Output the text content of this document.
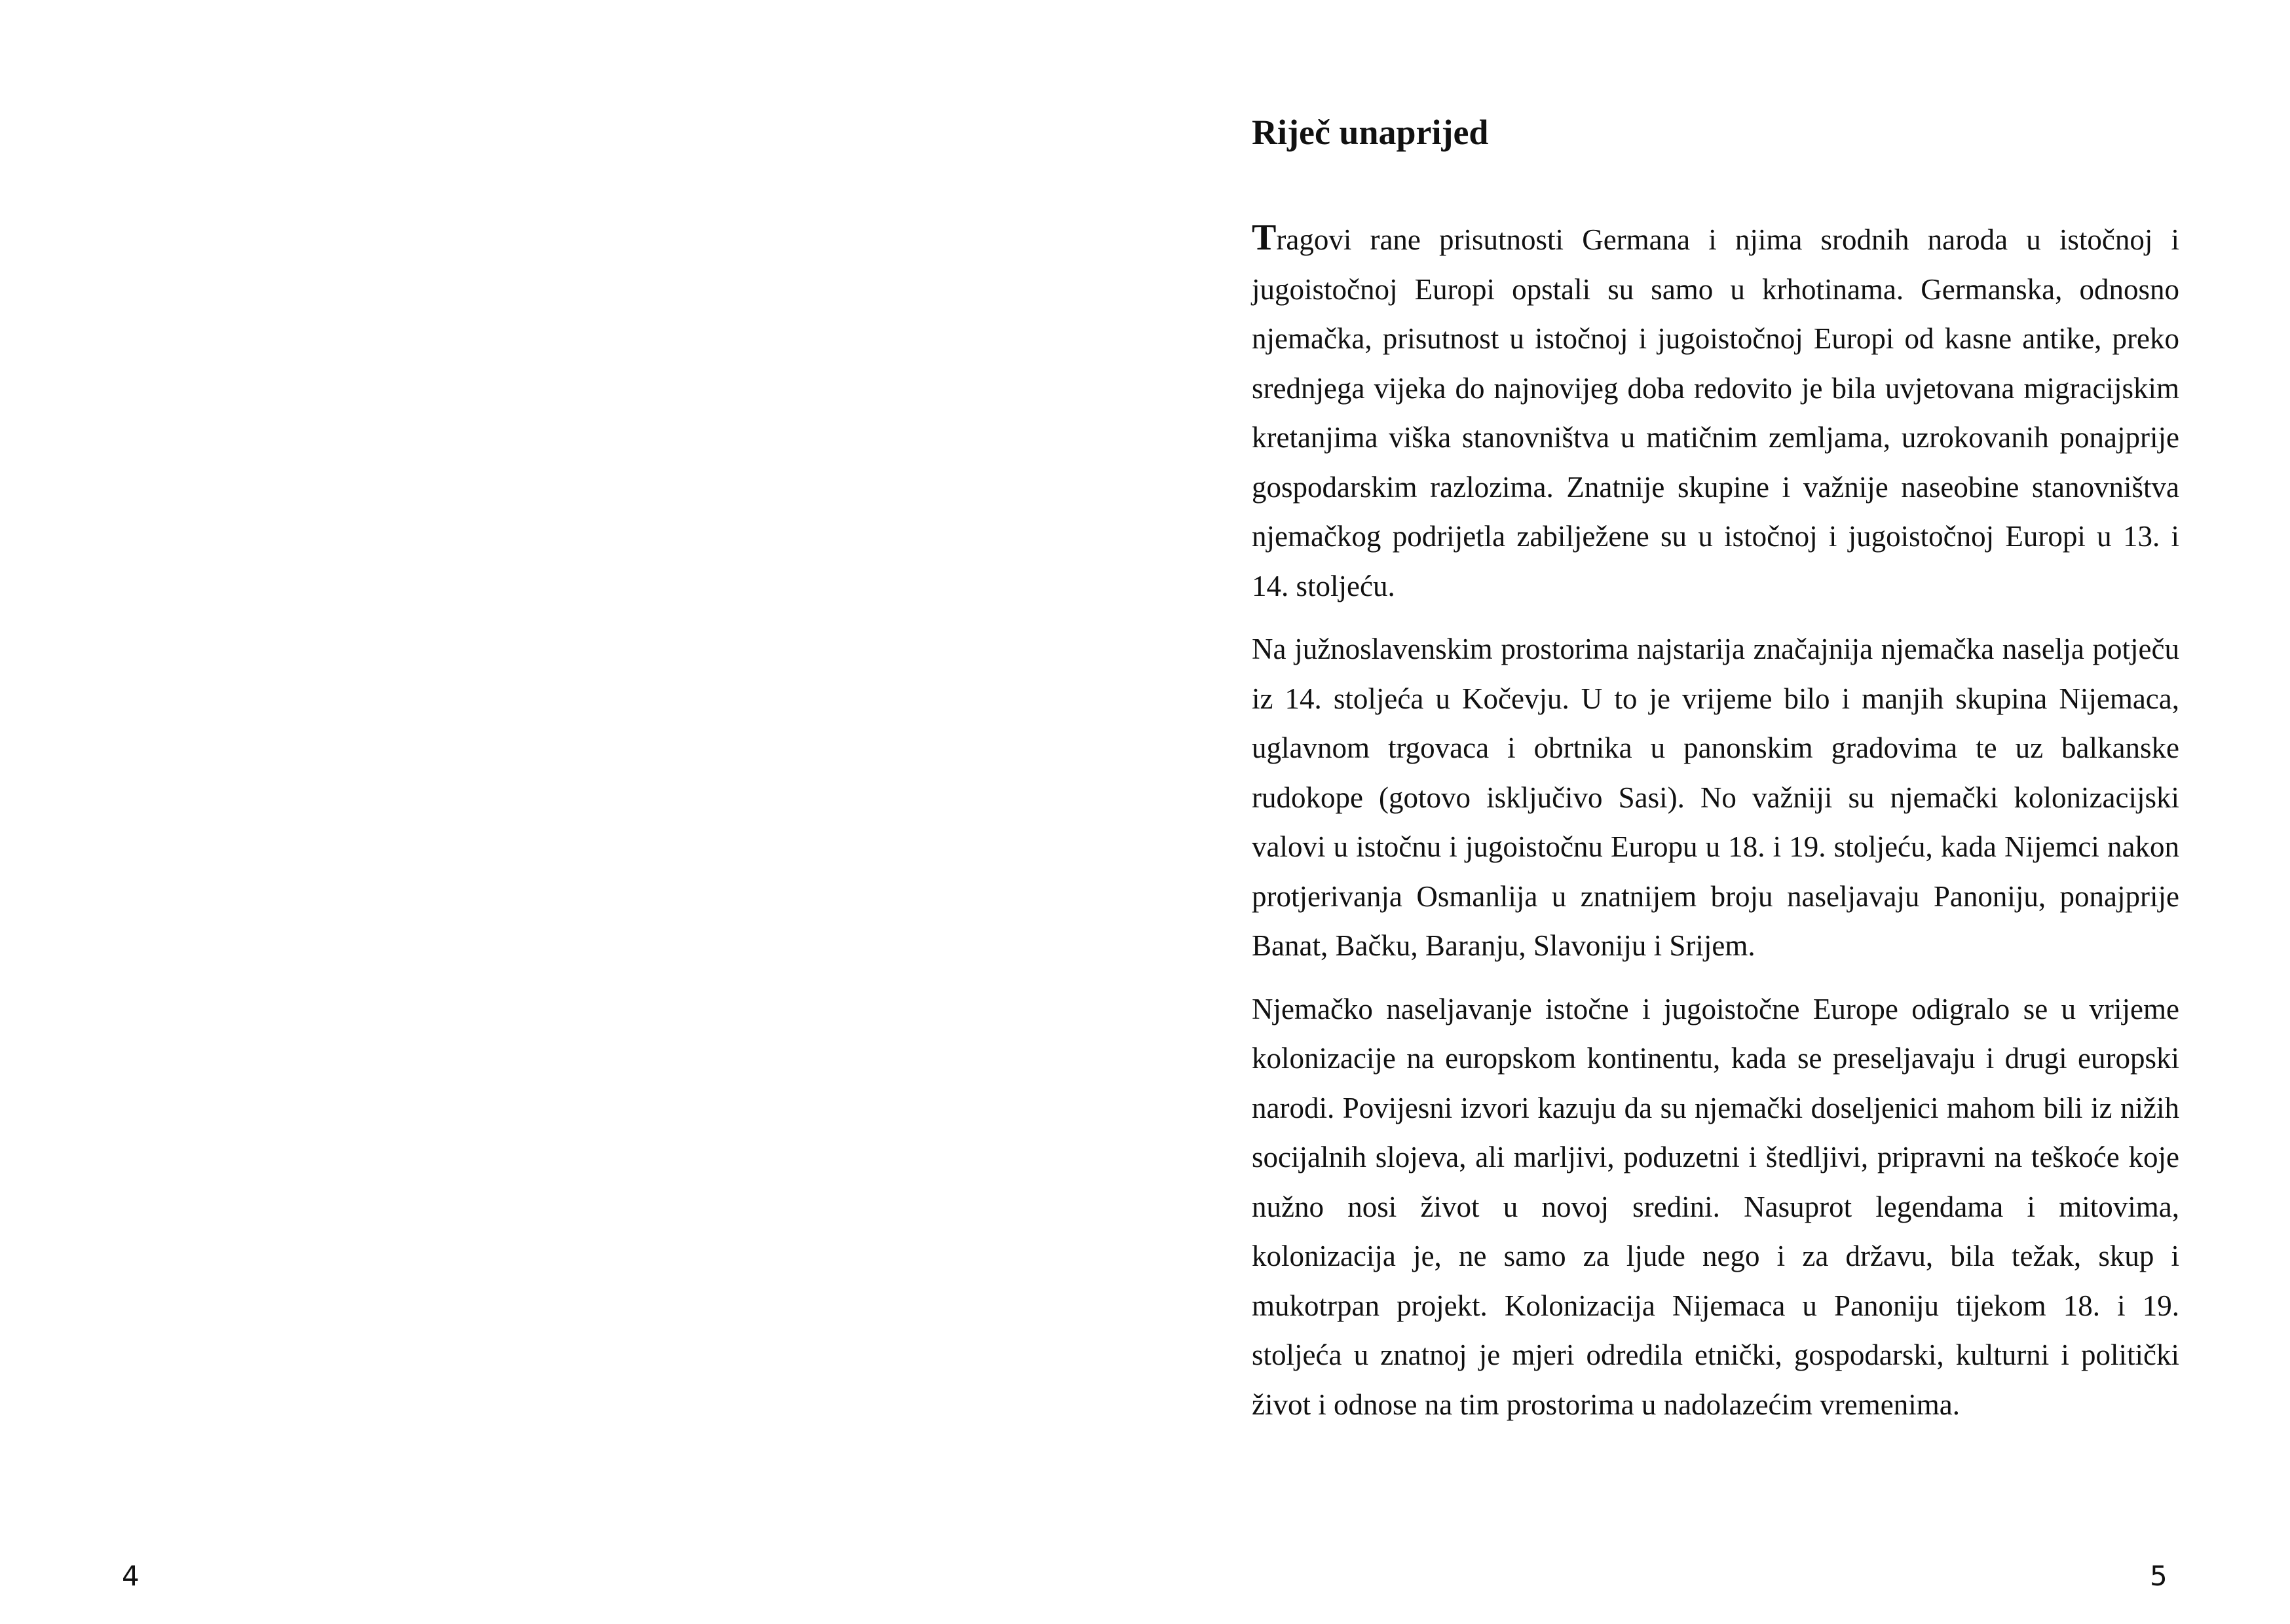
4
Riječ unaprijed

Tragovi rane prisutnosti Germana i njima srodnih naroda u istočnoj i jugoistočnoj Europi opstali su samo u krhotinama. Germanska, odnosno njemačka, prisutnost u istočnoj i jugoistočnoj Europi od kasne antike, preko srednjega vijeka do najnovijeg doba redovito je bila uvjetovana migracijskim kretanjima viška stanovništva u matičnim zemljama, uzrokovanih ponajprije gospodarskim razlozima. Znatnije skupine i važnije naseobine stanovništva njemačkog podrijetla zabilježene su u istočnoj i jugoistočnoj Europi u 13. i 14. stoljeću.

Na južnoslavenskim prostorima najstarija značajnija njemačka naselja potječu iz 14. stoljeća u Kočevju. U to je vrijeme bilo i manjih skupina Nijemaca, uglavnom trgovaca i obrtnika u panonskim gradovima te uz balkanske rudokope (gotovo isključivo Sasi). No važniji su njemački kolonizacijski valovi u istočnu i jugoistočnu Europu u 18. i 19. stoljeću, kada Nijemci nakon protjerivanja Osmanlija u znatnijem broju naseljavaju Panoniju, ponajprije Banat, Bačku, Baranju, Slavoniju i Srijem.

Njemačko naseljavanje istočne i jugoistočne Europe odigralo se u vrijeme kolonizacije na europskom kontinentu, kada se preseljavaju i drugi europski narodi. Povijesni izvori kazuju da su njemački doseljenici mahom bili iz nižih socijalnih slojeva, ali marljivi, poduzetni i štedljivi, pripravni na teškoće koje nužno nosi život u novoj sredini. Nasuprot legendama i mitovima, kolonizacija je, ne samo za ljude nego i za državu, bila težak, skup i mukotrpan projekt. Kolonizacija Nijemaca u Panoniju tijekom 18. i 19. stoljeća u znatnoj je mjeri odredila etnički, gospodarski, kulturni i politički život i odnose na tim prostorima u nadolazećim vremenima.

5
